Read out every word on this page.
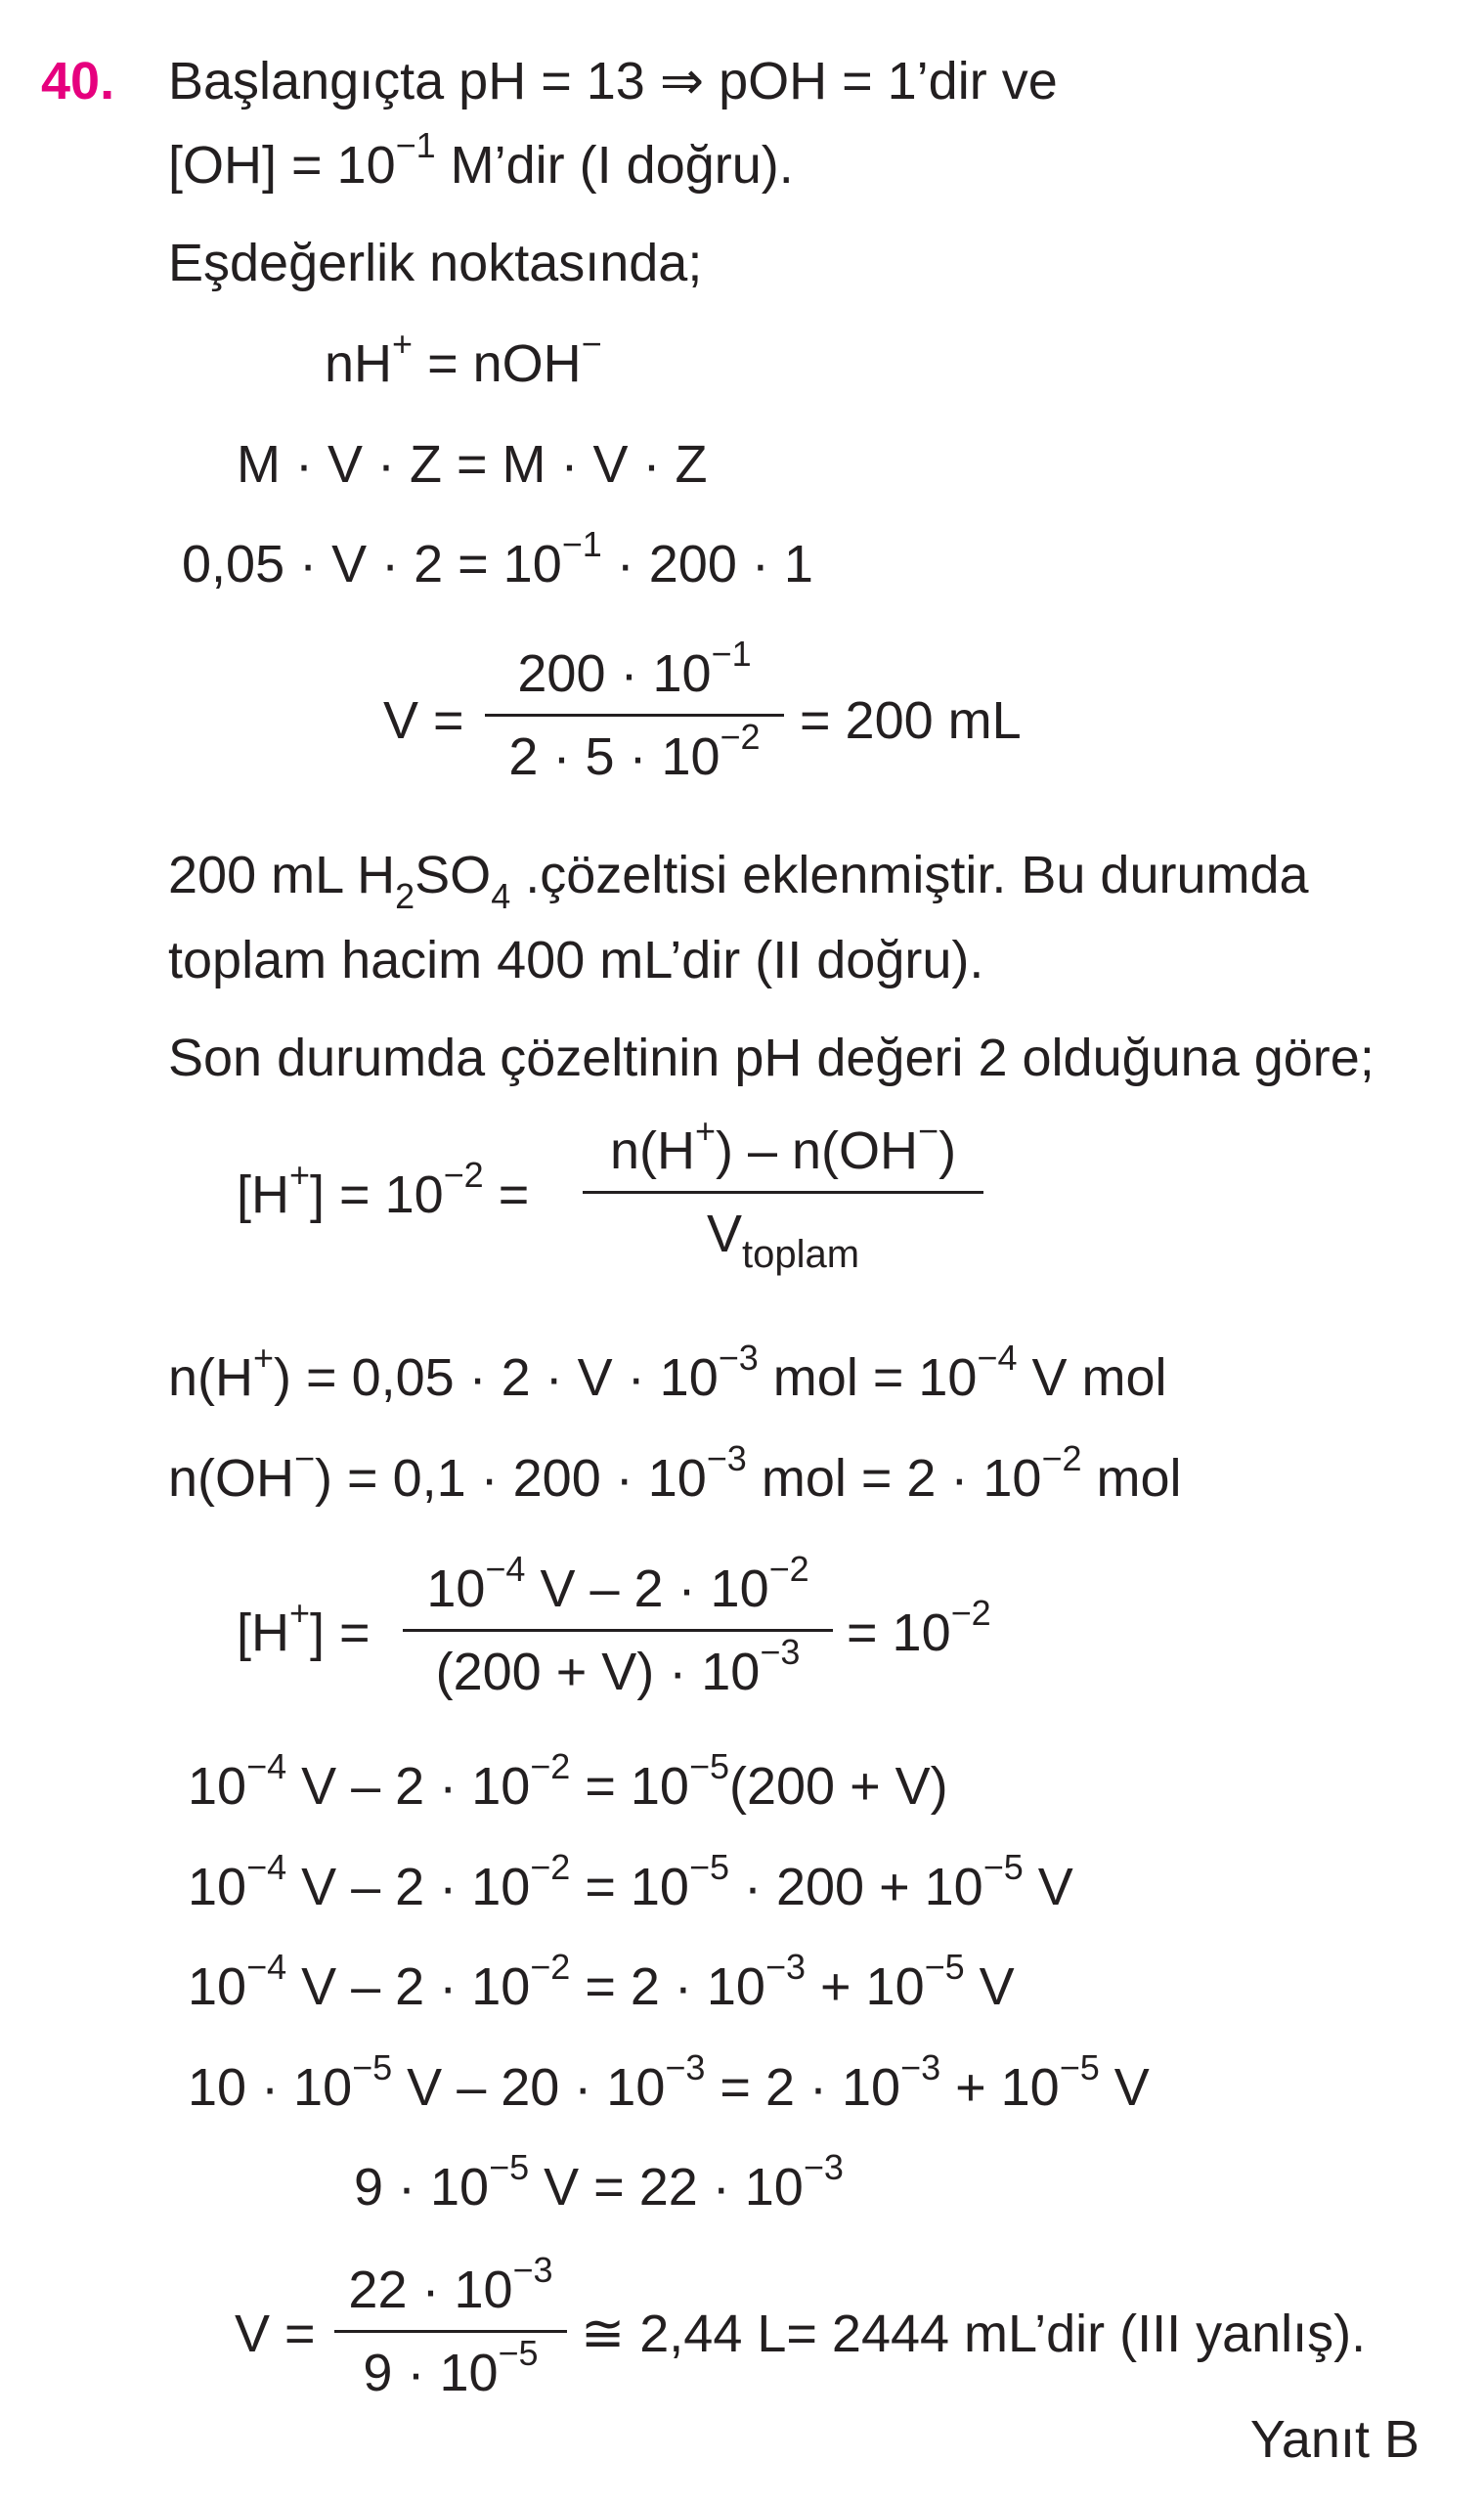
40. Başlangıçta pH = 13 ⇒ pOH = 1’dir ve
$[OH] = 10^{-1}$ M’dir (I doğru).
Eşdeğerlik noktasında;
nH+ = nOH−
M · V · Z = M · V · Z
$0,05 \cdot V \cdot 2 = 10^{-1} \cdot 200 \cdot 1$
V =
$200 \cdot 10^{-1}$
$2 \cdot 5 \cdot 10^{-2} = 200$ mL
200 mL $H_2SO_4$ .çözeltisi eklenmiştir. Bu durumda
toplam hacim 400 mL’dir (II doğru).
Son durumda çözeltinin pH değeri 2 olduğuna göre;
$[H^+] = 10^{-2}$ =
n(H+) – n(OH−)
$V_{toplam}$
$n(H^+) = 0,05 \cdot 2 \cdot V \cdot 10^{-3}$ mol = $10^{-4}$ V mol
$n(OH^-) = 0,1 \cdot 200 \cdot 10^{-3}$ mol = $2 \cdot 10^{-2}$ mol
[H+] =
$10^{-4}$ $V - 2 \cdot 10^{-2}$
$(200 + V) \cdot 10^{-3} = 10^{-2}$
$10^{-4}$ $V - 2 \cdot 10^{-2} = 10^{-5}(200 + V)$
$10^{-4}$ $V - 2 \cdot 10^{-2} = 10^{-5} \cdot 200 + 10^{-5}$ V
$10^{-4}$ $V - 2 \cdot 10^{-2} = 2 \cdot 10^{-3} + 10^{-5}$ V
$10 \cdot 10^{-5}$ $V - 20 \cdot 10^{-3} = 2 \cdot 10^{-3} + 10^{-5}$ V
$9 \cdot 10^{-5}$ $V = 22 \cdot 10^{-3}$
V =
$22 \cdot 10^{-3}$
$9 \cdot 10^{-5}$ ≅ 2,44 L= 2444 mL’dir (III yanlış).
Yanıt B
